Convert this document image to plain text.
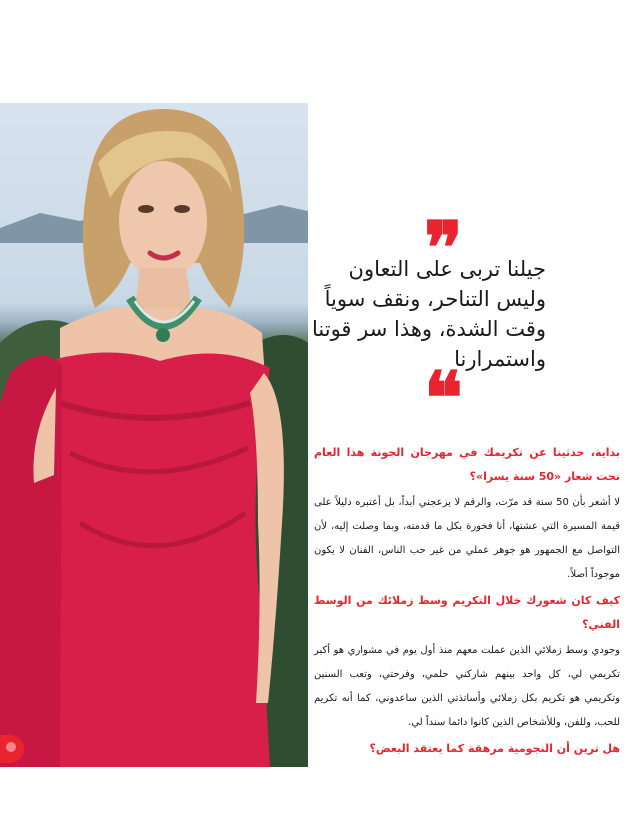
❞
جيلنا تربى على التعاون
وليس التناحر، ونقف سوياً
وقت الشدة، وهذا سر قوتنا
واستمرارنا
❝

بداية، حدثينا عن تكريمك في مهرجان الجونة هذا العام تحت شعار «50 سنة يسرا»؟

لا أشعر بأن 50 سنة قد مرّت، والرقم لا يزعجني أبداً، بل أعتبره دليلاً على قيمة المسيرة التي عشتها، أنا فخورة بكل ما قدمته، وبما وصلت إليه، لأن التواصل مع الجمهور هو جوهر عملي من غير حب الناس، الفنان لا يكون موجوداً أصلاً.

كيف كان شعورك خلال التكريم وسط زملائك من الوسط الفني؟

وجودي وسط زملائي الذين عملت معهم منذ أول يوم في مشواري هو أكبر تكريمي لي، كل واحد بينهم شاركني حلمي، وفرحتي، وتعب السنين وتكريمي هو تكريم بكل زملائي وأساتذتي الذين ساعدوني، كما أنه تكريم للحب، وللفن، وللأشخاص الذين كانوا دائما سنداً لي.

هل ترين أن النجومية مرهقة كما يعتقد البعض؟
